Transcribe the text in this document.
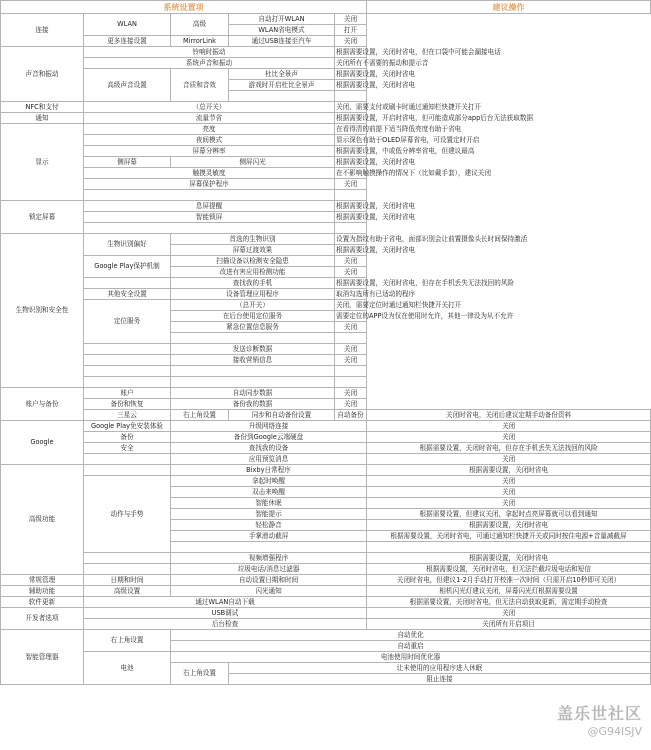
系统设置项					建议操作	
连接	WLAN	高级	自动打开WLAN	关闭		
			WLAN省电模式	打开		
	更多连接设置	MirrorLink	通过USB连接至汽车	关闭		
声音和振动	铃响时振动			根据需要设置，关闭时省电，但在口袋中可能会漏接电话		
	系统声音和振动			关闭所有不需要的振动和提示音		
	高级声音设置	音质和音效	杜比全景声	根据需要设置，关闭时省电		
			游戏时开启杜比全景声	根据需要设置，关闭时省电		

NFC和支付	（总开关）			关闭，需要支付或刷卡时通过通知栏快捷开关打开		
通知	流量节省			根据需要设置，开启时省电，但可能造成部分app后台无法获取数据		
显示	亮度			在看得清的前提下适当降低亮度有助于省电		
	夜间模式			显示深色有助于OLED屏幕省电，可设置定时开启		
	屏幕分辨率			根据需要设置，中或低分辨率省电，但建议最高		
	侧屏幕	侧屏闪光		根据需要设置，关闭时省电		
	触摸灵敏度			在不影响触摸操作的情况下（比如戴手套），建议关闭		
	屏幕保护程序			关闭		

锁定屏幕	息屏提醒			根据需要设置，关闭时省电		
	智能锁屏			根据需要设置，关闭时省电		

生物识别和安全性	生物识别偏好	首选的生物识别		设置为指纹有助于省电，面部识别会让前置摄像头长时间保持激活		
		屏幕过渡效果		根据需要设置，关闭时省电		
	Google Play保护机制	扫描设备以检测安全隐患		关闭		
		改进有害应用检测功能		关闭		
		查找我的手机		根据需要设置，关闭时省电，但存在手机丢失无法找回的风险		
	其他安全设置	设备管理应用程序		取消勾选所有已适动的程序		
	定位服务	（总开关）		关闭，需要定位时通过通知栏快捷开关打开		
		在后台使用定位服务		需要定位的APP设为仅在使用时允许，其他一律设为从不允许		
		紧急位置信息服务		关闭		

		发送诊断数据		关闭		
		接收营销信息		关闭		

账户与备份	账户	自动同步数据		关闭		
	备份和恢复	备份我的数据		关闭		
	三星云	右上角设置	同步和自动备份设置	自动备份	关闭时省电，关闭后建议定期手动备份资料	
Google	Google Play免安装体验	升级网络连接			关闭	
	备份	备份到Google云端硬盘			关闭	
	安全	查找我的设备			根据需要设置，关闭时省电，但存在手机丢失无法找回的风险	
		应用预览消息			关闭	
高级功能		Bixby日常程序			根据需要设置，关闭时省电	
	动作与手势	拿起时唤醒			关闭	
		双击来唤醒			关闭	
		智能休眠			关闭	
		智能提示			根据需要设置，但建议关闭，拿起时点亮屏幕就可以看到通知	
		轻松静音			根据需要设置，关闭时省电	
		手掌滑动截屏			根据需要设置，关闭时省电，可通过通知栏快捷开关或同时按住电源+音量减截屏	

		视频增强程序			根据需要设置，关闭时省电	
		垃圾电话/消息过滤器			根据需要设置，关闭时省电，但无法拦截垃圾电话和短信	
常规管理	日期和时间	自动设置日期和时间			关闭时省电，但建议1-2月手动打开校准一次时间（只需开启10秒即可关闭）	
辅助功能	高级设置	闪光通知			相机闪光灯建议关闭，屏幕闪光灯根据需要设置	
软件更新	通过WLAN自动下载				根据需要设置，关闭时省电，但无法自动获取更新，需定期手动检查	
开发者选项	USB调试				关闭	
	后台检查				关闭所有开启项目	
智能管理器	右上角设置	自动优化	
		自动重启	
	电池	电池使用时间优化器	
		右上角设置	让未使用的应用程序进入休眠	
			阻止连接	
盖乐世社区
@G94ISJV
